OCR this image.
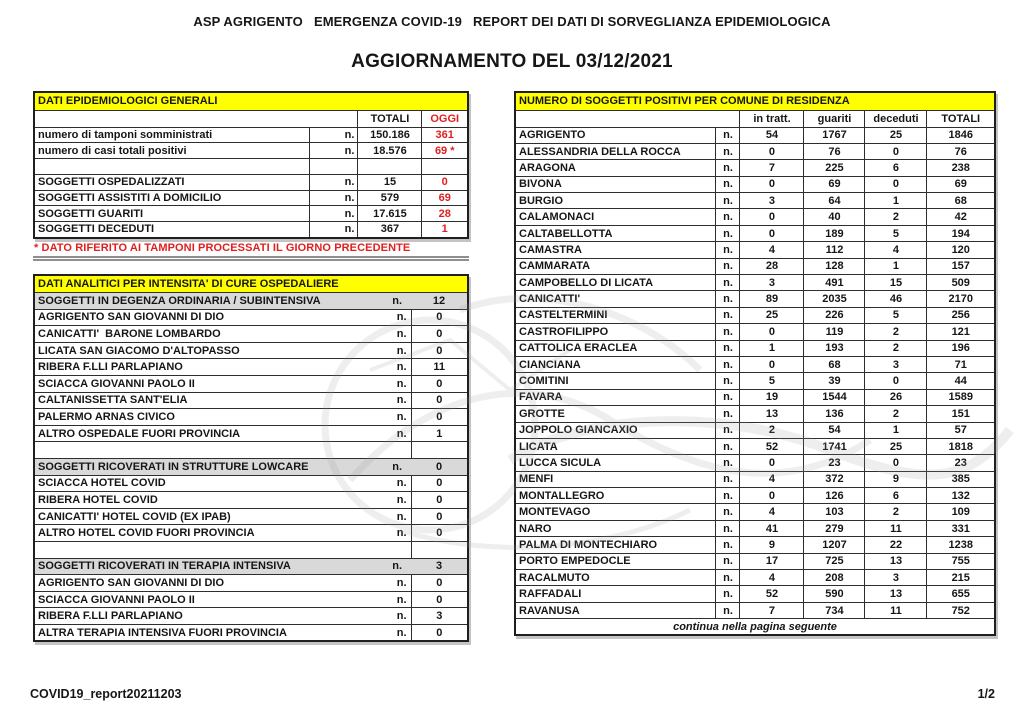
ASP AGRIGENTO   EMERGENZA COVID-19   REPORT DEI DATI DI SORVEGLIANZA EPIDEMIOLOGICA
AGGIORNAMENTO DEL 03/12/2021
DATI EPIDEMIOLOGICI GENERALI			
		TOTALI	OGGI
numero di tamponi somministrati	n.	150.186	361
numero di casi totali positivi	n.	18.576	69 *

SOGGETTI OSPEDALIZZATI	n.	15	0
SOGGETTI ASSISTITI A DOMICILIO	n.	579	69
SOGGETTI GUARITI	n.	17.615	28
SOGGETTI DECEDUTI	n.	367	1
* DATO RIFERITO AI TAMPONI PROCESSATI IL GIORNO PRECEDENTE
DATI ANALITICI PER INTENSITA' DI CURE OSPEDALIERE	

SOGGETTI IN DEGENZA ORDINARIA / SUBINTENSIVA n. 12	

AGRIGENTO SAN GIOVANNI DI DIO n.	0

CANICATTI'  BARONE LOMBARDO n.	0

LICATA SAN GIACOMO D'ALTOPASSO n.	0

RIBERA F.LLI PARLAPIANO n.	11

SCIACCA GIOVANNI PAOLO II n.	0

CALTANISSETTA SANT'ELIA n.	0

PALERMO ARNAS CIVICO n.	0

ALTRO OSPEDALE FUORI PROVINCIA n.	1

SOGGETTI RICOVERATI IN STRUTTURE LOWCARE n. 0	

SCIACCA HOTEL COVID n.	0

RIBERA HOTEL COVID n.	0

CANICATTI' HOTEL COVID (EX IPAB) n.	0

ALTRO HOTEL COVID FUORI PROVINCIA n.	0

SOGGETTI RICOVERATI IN TERAPIA INTENSIVA n. 3	

AGRIGENTO SAN GIOVANNI DI DIO n.	0

SCIACCA GIOVANNI PAOLO II n.	0

RIBERA F.LLI PARLAPIANO n.	3

ALTRA TERAPIA INTENSIVA FUORI PROVINCIA n.	0
NUMERO DI SOGGETTI POSITIVI PER COMUNE DI RESIDENZA					
		in tratt.	guariti	deceduti	TOTALI
AGRIGENTO	n.	54	1767	25	1846
ALESSANDRIA DELLA ROCCA	n.	0	76	0	76
ARAGONA	n.	7	225	6	238
BIVONA	n.	0	69	0	69
BURGIO	n.	3	64	1	68
CALAMONACI	n.	0	40	2	42
CALTABELLOTTA	n.	0	189	5	194
CAMASTRA	n.	4	112	4	120
CAMMARATA	n.	28	128	1	157
CAMPOBELLO DI LICATA	n.	3	491	15	509
CANICATTI'	n.	89	2035	46	2170
CASTELTERMINI	n.	25	226	5	256
CASTROFILIPPO	n.	0	119	2	121
CATTOLICA ERACLEA	n.	1	193	2	196
CIANCIANA	n.	0	68	3	71
COMITINI	n.	5	39	0	44
FAVARA	n.	19	1544	26	1589
GROTTE	n.	13	136	2	151
JOPPOLO GIANCAXIO	n.	2	54	1	57
LICATA	n.	52	1741	25	1818
LUCCA SICULA	n.	0	23	0	23
MENFI	n.	4	372	9	385
MONTALLEGRO	n.	0	126	6	132
MONTEVAGO	n.	4	103	2	109
NARO	n.	41	279	11	331
PALMA DI MONTECHIARO	n.	9	1207	22	1238
PORTO EMPEDOCLE	n.	17	725	13	755
RACALMUTO	n.	4	208	3	215
RAFFADALI	n.	52	590	13	655
RAVANUSA	n.	7	734	11	752
continua nella pagina seguente					
COVID19_report20211203	1/2
